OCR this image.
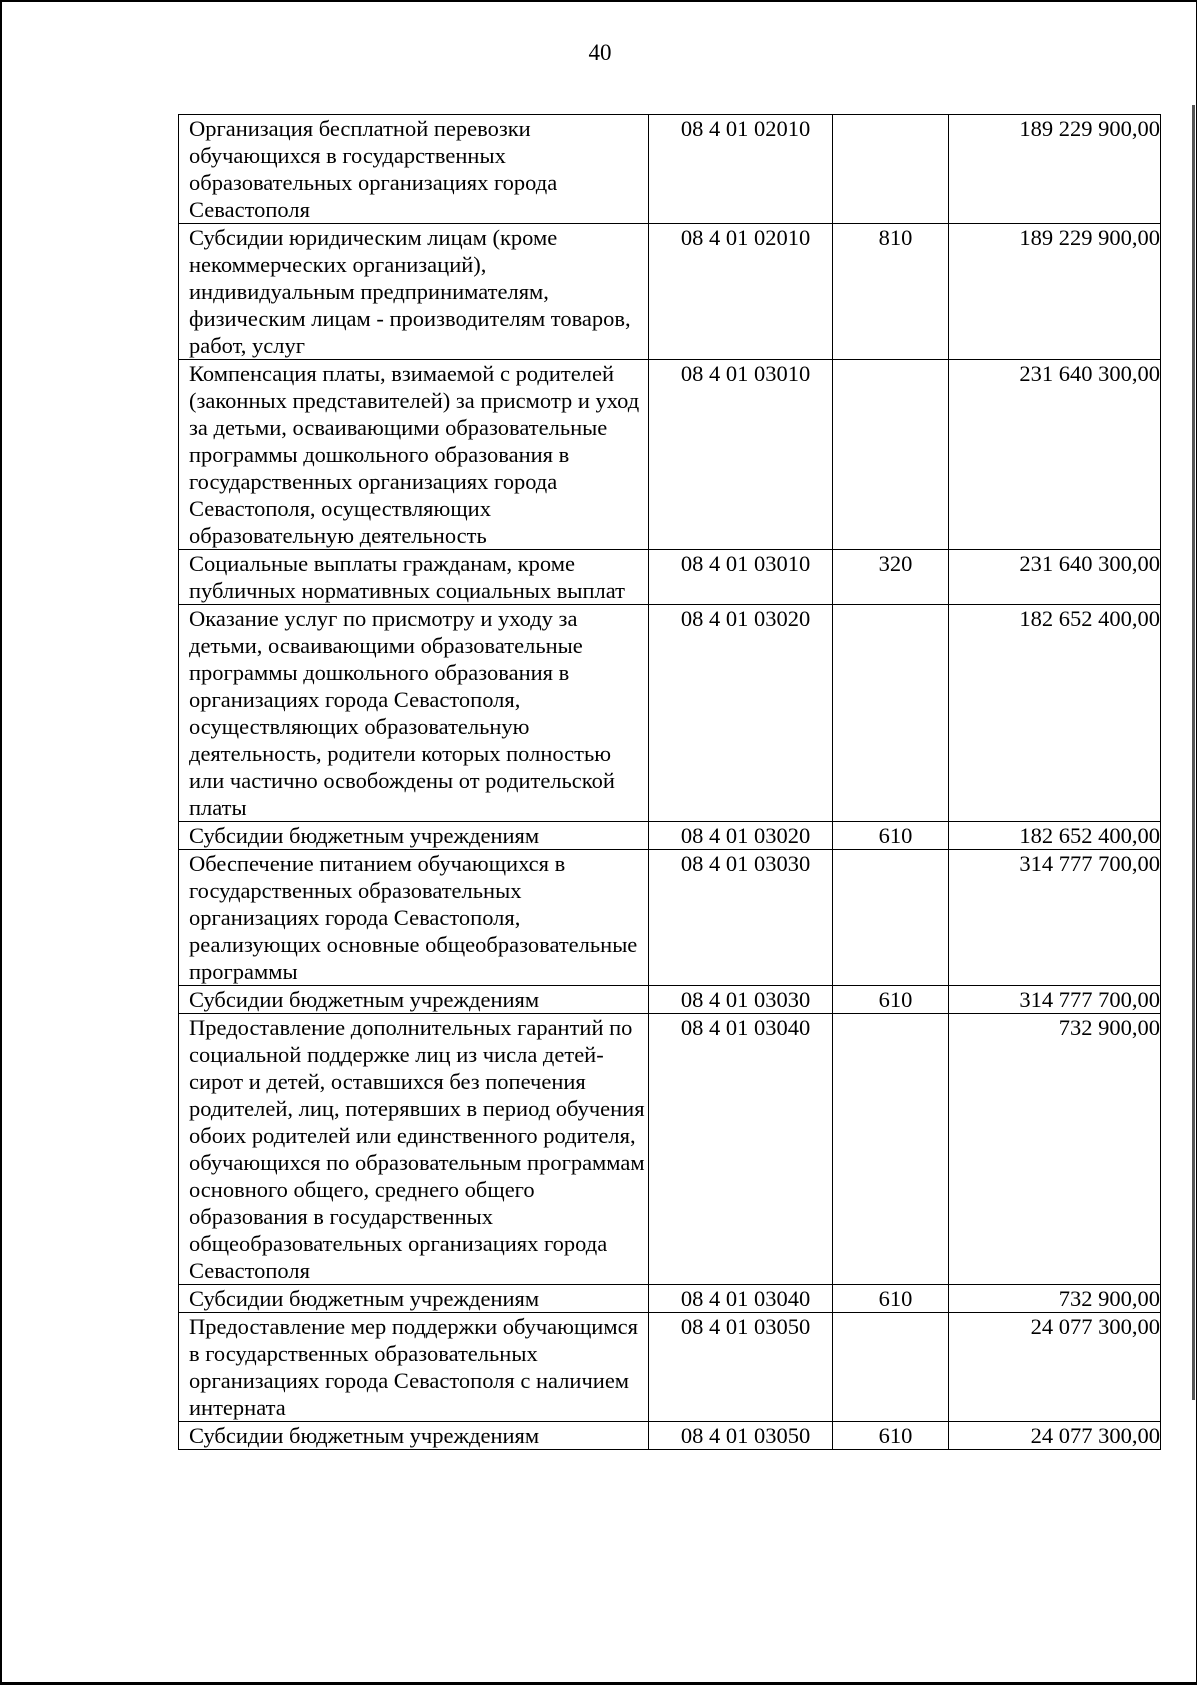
40
Организация бесплатной перевозки обучающихся в государственных образовательных организациях города Севастополя	08 4 01 02010		189 229 900,00
Субсидии юридическим лицам (кроме некоммерческих организаций), индивидуальным предпринимателям, физическим лицам - производителям товаров, работ, услуг	08 4 01 02010	810	189 229 900,00
Компенсация платы, взимаемой с родителей (законных представителей) за присмотр и уход за детьми, осваивающими образовательные программы дошкольного образования в государственных организациях города Севастополя, осуществляющих образовательную деятельность	08 4 01 03010		231 640 300,00
Социальные выплаты гражданам, кроме публичных нормативных социальных выплат	08 4 01 03010	320	231 640 300,00
Оказание услуг по присмотру и уходу за детьми, осваивающими образовательные программы дошкольного образования в организациях города Севастополя, осуществляющих образовательную деятельность, родители которых полностью или частично освобождены от родительской платы	08 4 01 03020		182 652 400,00
Субсидии бюджетным учреждениям	08 4 01 03020	610	182 652 400,00
Обеспечение питанием обучающихся в государственных образовательных организациях города Севастополя, реализующих основные общеобразовательные программы	08 4 01 03030		314 777 700,00
Субсидии бюджетным учреждениям	08 4 01 03030	610	314 777 700,00
Предоставление дополнительных гарантий по социальной поддержке лиц из числа детей-сирот и детей, оставшихся без попечения родителей, лиц, потерявших в период обучения обоих родителей или единственного родителя, обучающихся по образовательным программам основного общего, среднего общего образования в государственных общеобразовательных организациях города Севастополя	08 4 01 03040		732 900,00
Субсидии бюджетным учреждениям	08 4 01 03040	610	732 900,00
Предоставление мер поддержки обучающимся в государственных образовательных организациях города Севастополя с наличием интерната	08 4 01 03050		24 077 300,00
Субсидии бюджетным учреждениям	08 4 01 03050	610	24 077 300,00
